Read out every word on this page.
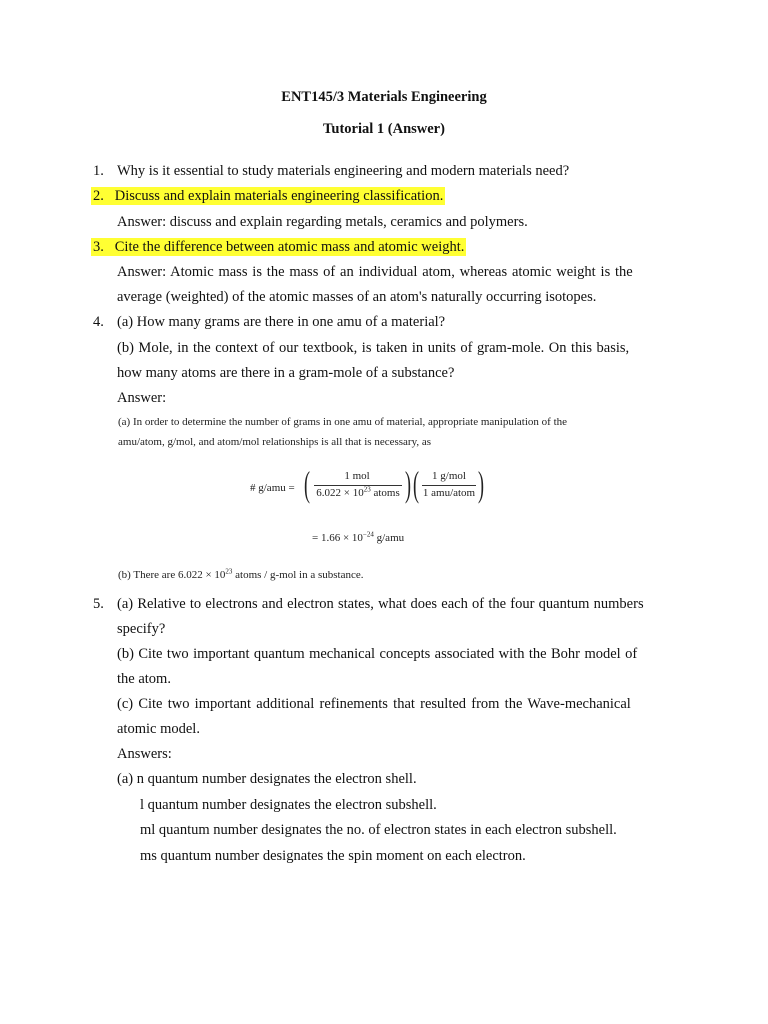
ENT145/3 Materials Engineering
Tutorial 1 (Answer)
1. Why is it essential to study materials engineering and modern materials need?
2. Discuss and explain materials engineering classification.
Answer: discuss and explain regarding metals, ceramics and polymers.
3. Cite the difference between atomic mass and atomic weight.
Answer: Atomic mass is the mass of an individual atom, whereas atomic weight is the
average (weighted) of the atomic masses of an atom's naturally occurring isotopes.
4. (a) How many grams are there in one amu of a material?
(b) Mole, in the context of our textbook, is taken in units of gram-mole. On this basis,
how many atoms are there in a gram-mole of a substance?
Answer:
(a) In order to determine the number of grams in one amu of material, appropriate manipulation of the
amu/atom, g/mol, and atom/mol relationships is all that is necessary, as
# g/amu = (	1 mol
$6.022 \times 10^{23}$ atoms ) (	1 g/mol
1 amu/atom )
= $1.66 \times 10^{-24}$ g/amu
(b) There are $6.022 \times 10^{23}$ atoms / g-mol in a substance.
5. (a) Relative to electrons and electron states, what does each of the four quantum numbers
specify?
(b) Cite two important quantum mechanical concepts associated with the Bohr model of
the atom.
(c) Cite two important additional refinements that resulted from the Wave-mechanical
atomic model.
Answers:
(a) n quantum number designates the electron shell.
l quantum number designates the electron subshell.
ml quantum number designates the no. of electron states in each electron subshell.
ms quantum number designates the spin moment on each electron.
